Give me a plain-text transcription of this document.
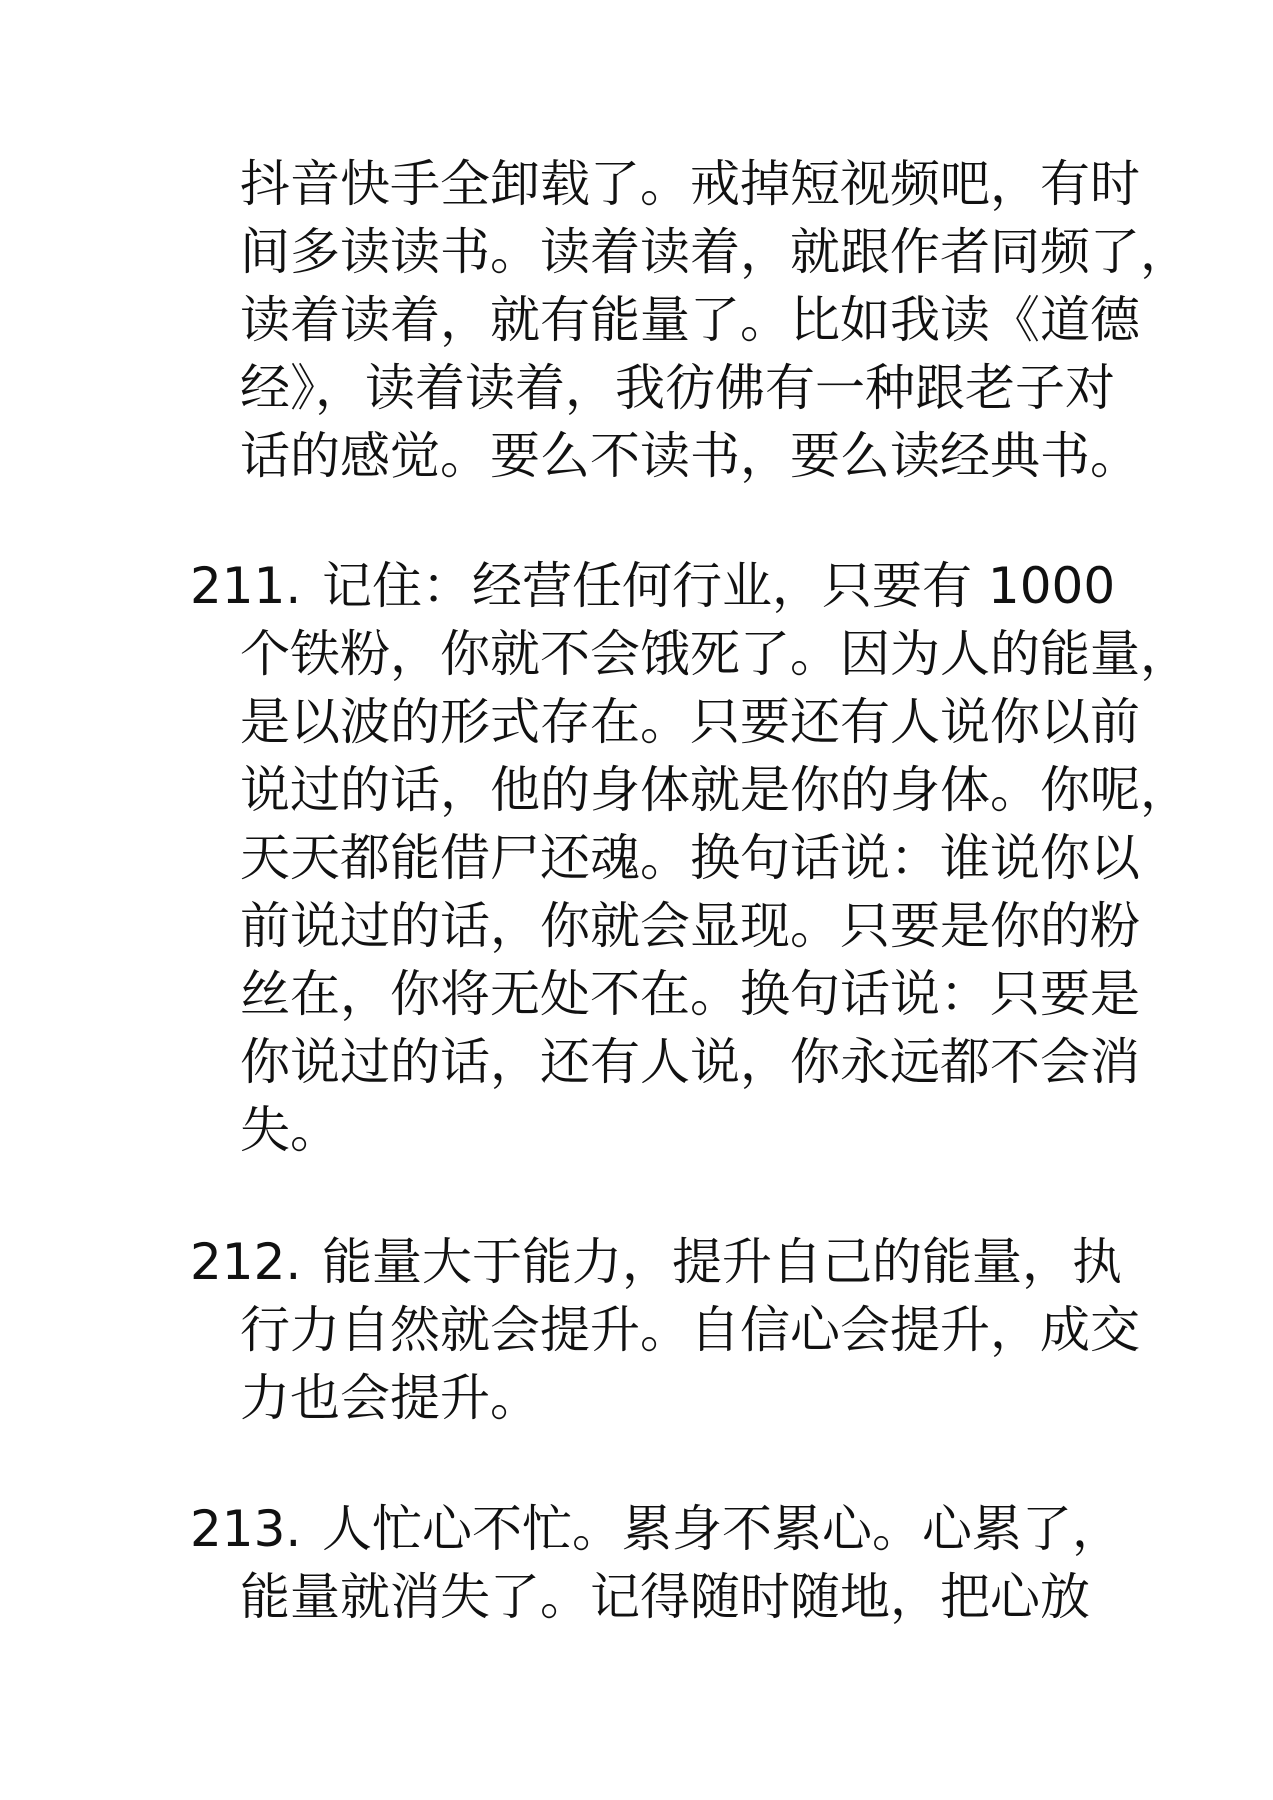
抖音快手全卸载了。戒掉短视频吧，有时
间多读读书。读着读着，就跟作者同频了，
读着读着，就有能量了。比如我读《道德
经》，读着读着，我彷佛有一种跟老子对
话的感觉。要么不读书，要么读经典书。
211. 记住：经营任何行业，只要有 1000
个铁粉，你就不会饿死了。因为人的能量，
是以波的形式存在。只要还有人说你以前
说过的话，他的身体就是你的身体。你呢，
天天都能借尸还魂。换句话说：谁说你以
前说过的话，你就会显现。只要是你的粉
丝在，你将无处不在。换句话说：只要是
你说过的话，还有人说，你永远都不会消
失。
212. 能量大于能力，提升自己的能量，执
行力自然就会提升。自信心会提升，成交
力也会提升。
213. 人忙心不忙。累身不累心。心累了，
能量就消失了。记得随时随地，把心放
